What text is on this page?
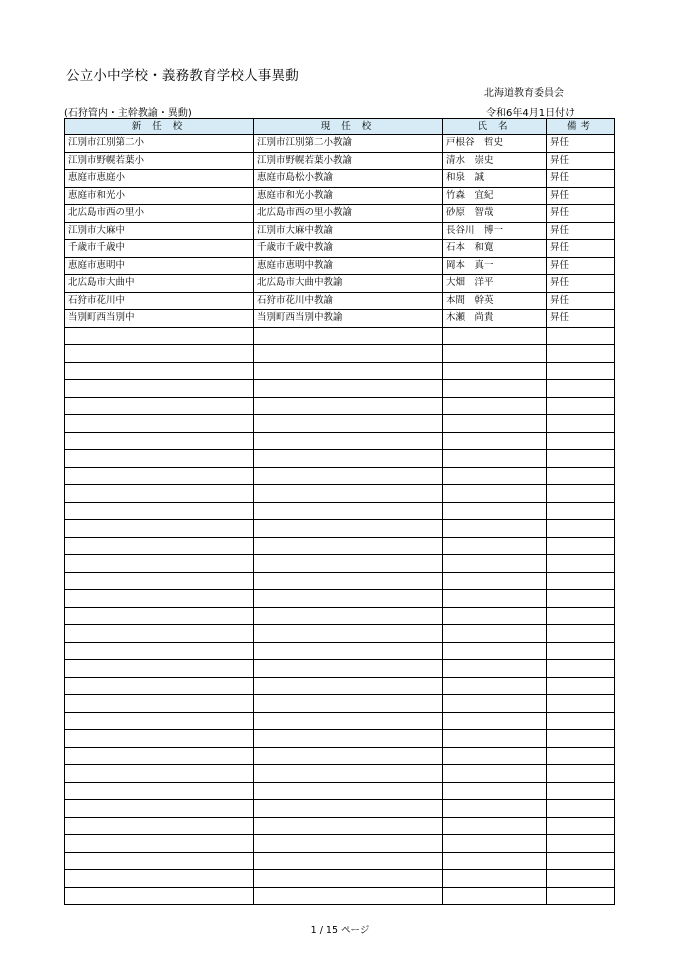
公立小中学校・義務教育学校人事異動
北海道教育委員会
(石狩管内・主幹教諭・異動)	令和6年4月1日付け
新 任 校	現 任 校	氏 名	備考
江別市江別第二小	江別市江別第二小教諭	戸根谷　哲史	昇任
江別市野幌若葉小	江別市野幌若葉小教諭	清水　崇史	昇任
恵庭市恵庭小	恵庭市島松小教諭	和泉　誠	昇任
恵庭市和光小	恵庭市和光小教諭	竹森　宜紀	昇任
北広島市西の里小	北広島市西の里小教諭	砂原　智哉	昇任
江別市大麻中	江別市大麻中教諭	長谷川　博一	昇任
千歳市千歳中	千歳市千歳中教諭	石本　和寛	昇任
恵庭市恵明中	恵庭市恵明中教諭	岡本　真一	昇任
北広島市大曲中	北広島市大曲中教諭	大畑　洋平	昇任
石狩市花川中	石狩市花川中教諭	本間　幹英	昇任
当別町西当別中	当別町西当別中教諭	木瀬　尚貴	昇任

1 / 15 ページ
